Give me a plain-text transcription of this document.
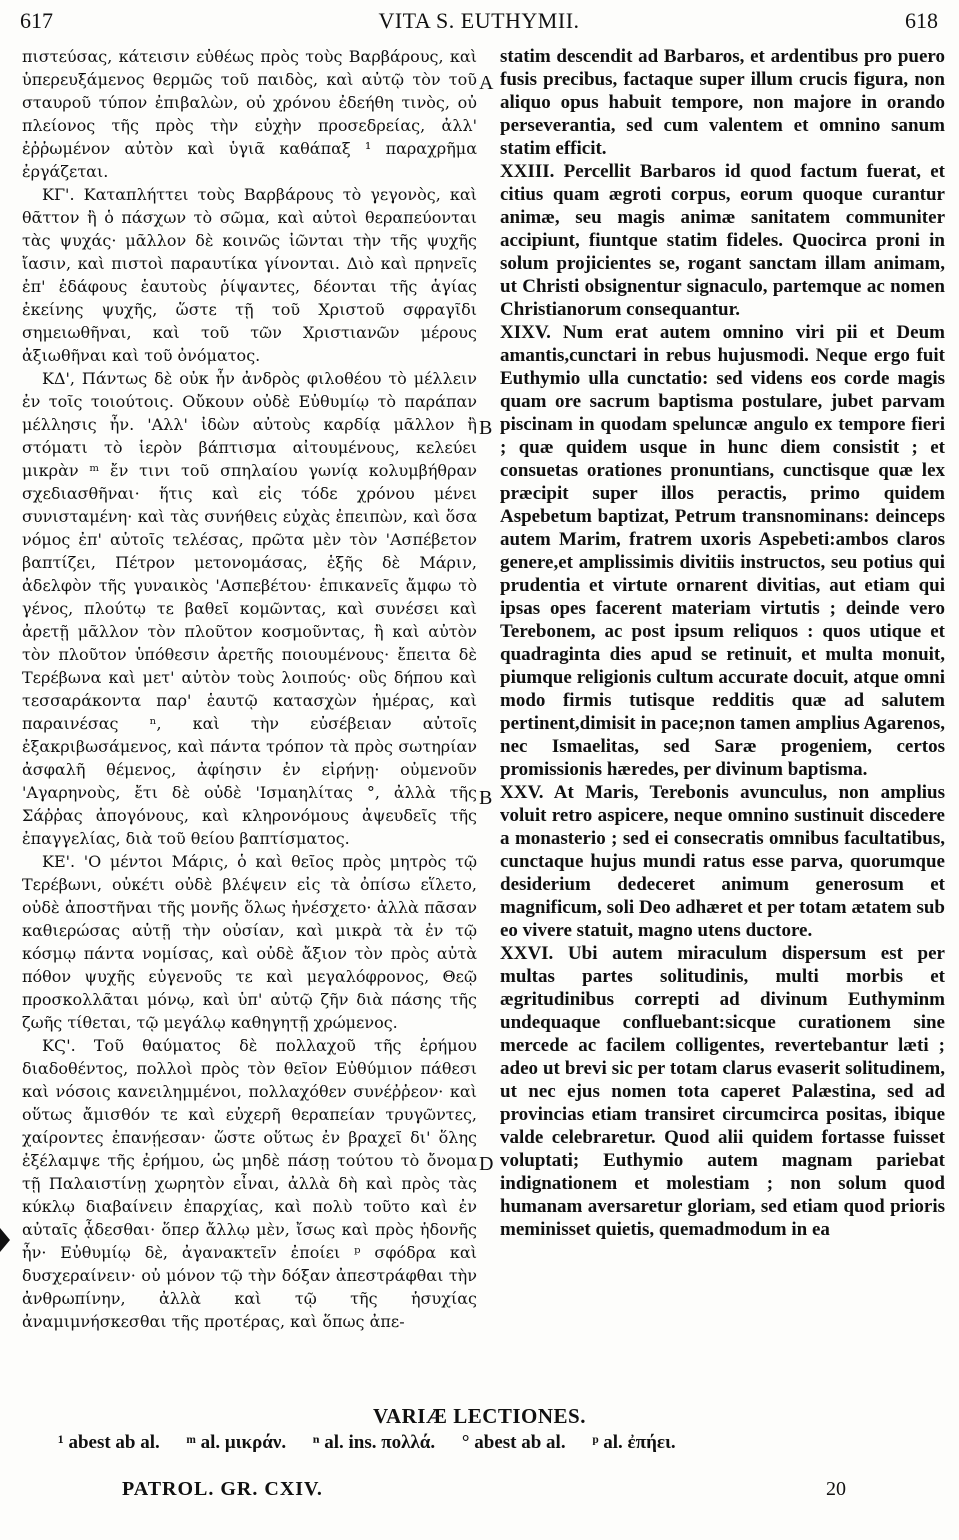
617	VITA S. EUTHYMII.	618

πιστεύσας, κάτεισιν εὐθέως πρὸς τοὺς Βαρβάρους, καὶ ὑπερευξάμενος θερμῶς τοῦ παιδὸς, καὶ αὐτῷ τὸν τοῦ σταυροῦ τύπον ἐπιβαλὼν, οὐ χρόνου ἐδεήθη τινὸς, οὐ πλείονος τῆς πρὸς τὴν εὐχὴν προσεδρείας, ἀλλ' ἐῤῥωμένον αὐτὸν καὶ ὑγιᾶ καθάπαξ ¹ παραχρῆμα ἐργάζεται.

ΚΓ'. Καταπλήττει τοὺς Βαρβάρους τὸ γεγονὸς, καὶ θᾶττον ἢ ὁ πάσχων τὸ σῶμα, καὶ αὐτοὶ θεραπεύονται τὰς ψυχάς· μᾶλλον δὲ κοινῶς ἰῶνται τὴν τῆς ψυχῆς ἴασιν, καὶ πιστοὶ παραυτίκα γίνονται. Διὸ καὶ πρηνεῖς ἐπ' ἐδάφους ἑαυτοὺς ῥίψαντες, δέονται τῆς ἁγίας ἐκείνης ψυχῆς, ὥστε τῇ τοῦ Χριστοῦ σφραγῖδι σημειωθῆναι, καὶ τοῦ τῶν Χριστιανῶν μέρους ἀξιωθῆναι καὶ τοῦ ὀνόματος.

ΚΔ', Πάντως δὲ οὐκ ἦν ἀνδρὸς φιλοθέου τὸ μέλλειν ἐν τοῖς τοιούτοις. Οὔκουν οὐδὲ Εὐθυμίῳ τὸ παράπαν μέλλησις ἦν. 'Αλλ' ἰδὼν αὐτοὺς καρδίᾳ μᾶλλον ἢ στόματι τὸ ἱερὸν βάπτισμα αἰτουμένους, κελεύει μικρὰν ᵐ ἔν τινι τοῦ σπηλαίου γωνίᾳ κολυμβήθραν σχεδιασθῆναι· ἥτις καὶ εἰς τόδε χρόνου μένει συνισταμένη· καὶ τὰς συνήθεις εὐχὰς ἐπειπὼν, καὶ ὅσα νόμος ἐπ' αὐτοῖς τελέσας, πρῶτα μὲν τὸν 'Ασπέβετον βαπτίζει, Πέτρον μετονομάσας, ἑξῆς δὲ Μάριν, ἀδελφὸν τῆς γυναικὸς 'Ασπεβέτου· ἐπικανεῖς ἄμφω τὸ γένος, πλούτῳ τε βαθεῖ κομῶντας, καὶ συνέσει καὶ ἀρετῇ μᾶλλον τὸν πλοῦτον κοσμοῦντας, ἢ καὶ αὐτὸν τὸν πλοῦτον ὑπόθεσιν ἀρετῆς ποιουμένους· ἔπειτα δὲ Τερέβωνα καὶ μετ' αὐτὸν τοὺς λοιπούς· οὓς δήπου καὶ τεσσαράκοντα παρ' ἑαυτῷ κατασχὼν ἡμέρας, καὶ παραινέσας ⁿ, καὶ τὴν εὐσέβειαν αὐτοῖς ἐξακριβωσάμενος, καὶ πάντα τρόπον τὰ πρὸς σωτηρίαν ἀσφαλῆ θέμενος, ἀφίησιν ἐν εἰρήνῃ· οὐμενοῦν 'Αγαρηνοὺς, ἔτι δὲ οὐδὲ 'Ισμαηλίτας °, ἀλλὰ τῆς Σάῤῥας ἀπογόνους, καὶ κληρονόμους ἀψευδεῖς τῆς ἐπαγγελίας, διὰ τοῦ θείου βαπτίσματος.

ΚΕ'. 'Ο μέντοι Μάρις, ὁ καὶ θεῖος πρὸς μητρὸς τῷ Τερέβωνι, οὐκέτι οὐδὲ βλέψειν εἰς τὰ ὀπίσω εἵλετο, οὐδὲ ἀποστῆναι τῆς μονῆς ὅλως ἠνέσχετο· ἀλλὰ πᾶσαν καθιερώσας αὐτῇ τὴν οὐσίαν, καὶ μικρὰ τὰ ἐν τῷ κόσμῳ πάντα νομίσας, καὶ οὐδὲ ἄξιον τὸν πρὸς αὐτὰ πόθον ψυχῆς εὐγενοῦς τε καὶ μεγαλόφρονος, Θεῷ προσκολλᾶται μόνῳ, καὶ ὑπ' αὐτῷ ζῆν διὰ πάσης τῆς ζωῆς τίθεται, τῷ μεγάλῳ καθηγητῇ χρώμενος.

ΚϚ'. Τοῦ θαύματος δὲ πολλαχοῦ τῆς ἐρήμου διαδοθέντος, πολλοὶ πρὸς τὸν θεῖον Εὐθύμιον πάθεσι καὶ νόσοις κανειλημμένοι, πολλαχόθεν συνέῤῥεον· καὶ οὕτως ἄμισθόν τε καὶ εὐχερῆ θεραπείαν τρυγῶντες, χαίροντες ἐπανῄεσαν· ὥστε οὕτως ἐν βραχεῖ δι' ὅλης ἐξέλαμψε τῆς ἐρήμου, ὡς μηδὲ πάσῃ τούτου τὸ ὄνομα τῇ Παλαιστίνῃ χωρητὸν εἶναι, ἀλλὰ δὴ καὶ πρὸς τὰς κύκλῳ διαβαίνειν ἐπαρχίας, καὶ πολὺ τοῦτο καὶ ἐν αὐταῖς ᾆδεσθαι· ὅπερ ἄλλῳ μὲν, ἴσως καὶ πρὸς ἡδονῆς ἦν· Εὐθυμίῳ δὲ, ἀγανακτεῖν ἐποίει ᵖ σφόδρα καὶ δυσχεραίνειν· οὐ μόνον τῷ τὴν δόξαν ἀπεστράφθαι τὴν ἀνθρωπίνην, ἀλλὰ καὶ τῷ τῆς ἡσυχίας ἀναμιμνήσκεσθαι τῆς προτέρας, καὶ ὅπως ἀπε-

A
B
B
D

statim descendit ad Barbaros, et ardentibus pro puero fusis precibus, factaque super illum crucis figura, non aliquo opus habuit tempore, non majore in orando perseverantia, sed cum valentem et omnino sanum statim efficit.

XXIII. Percellit Barbaros id quod factum fuerat, et citius quam ægroti corpus, eorum quoque curantur animæ, seu magis animæ sanitatem communiter accipiunt, fiuntque statim fideles. Quocirca proni in solum projicientes se, rogant sanctam illam animam, ut Christi obsignentur signaculo, partemque ac nomen Christianorum consequantur.

XIXV. Num erat autem omnino viri pii et Deum amantis,cunctari in rebus hujusmodi. Neque ergo fuit Euthymio ulla cunctatio: sed videns eos corde magis quam ore sacrum baptisma postulare, jubet parvam piscinam in quodam speluncæ angulo ex tempore fieri ; quæ quidem usque in hunc diem consistit ; et consuetas orationes pronuntians, cunctisque quæ lex præcipit super illos peractis, primo quidem Aspebetum baptizat, Petrum transnominans: deinceps autem Marim, fratrem uxoris Aspebeti:ambos claros genere,et amplissimis divitiis instructos, seu potius qui prudentia et virtute ornarent divitias, aut etiam qui ipsas opes facerent materiam virtutis ; deinde vero Terebonem, ac post ipsum reliquos : quos utique et quadraginta dies apud se retinuit, et multa monuit, piumque religionis cultum accurate docuit, atque omni modo firmis tutisque redditis quæ ad salutem pertinent,dimisit in pace;non tamen amplius Agarenos, nec Ismaelitas, sed Saræ progeniem, certos promissionis hæredes, per divinum baptisma.

XXV. At Maris, Terebonis avunculus, non amplius voluit retro aspicere, neque omnino sustinuit discedere a monasterio ; sed ei consecratis omnibus facultatibus, cunctaque hujus mundi ratus esse parva, quorumque desiderium dedeceret animum generosum et magnificum, soli Deo adhæret et per totam ætatem sub eo vivere statuit, magno utens ductore.

XXVI. Ubi autem miraculum dispersum est per multas partes solitudinis, multi morbis et ægritudinibus correpti ad divinum Euthyminm undequaque confluebant:sicque curationem sine mercede ac facilem colligentes, revertebantur læti ; adeo ut brevi sic per totam clarus evaserit solitudinem, ut nec ejus nomen tota caperet Palæstina, sed ad provincias etiam transiret circumcirca positas, ibique valde celebraretur. Quod alii quidem fortasse fuisset voluptati; Euthymio autem magnam pariebat indignationem et molestiam ; non solum quod humanam aversaretur gloriam, sed etiam quod prioris meminisset quietis, quemadmodum in ea

VARIÆ LECTIONES.
¹ abest ab al. ᵐ al. μικράν. ⁿ al. ins. πολλά. ° abest ab al. ᵖ al. ἐπήει.
PATROL. GR. CXIV.	20
